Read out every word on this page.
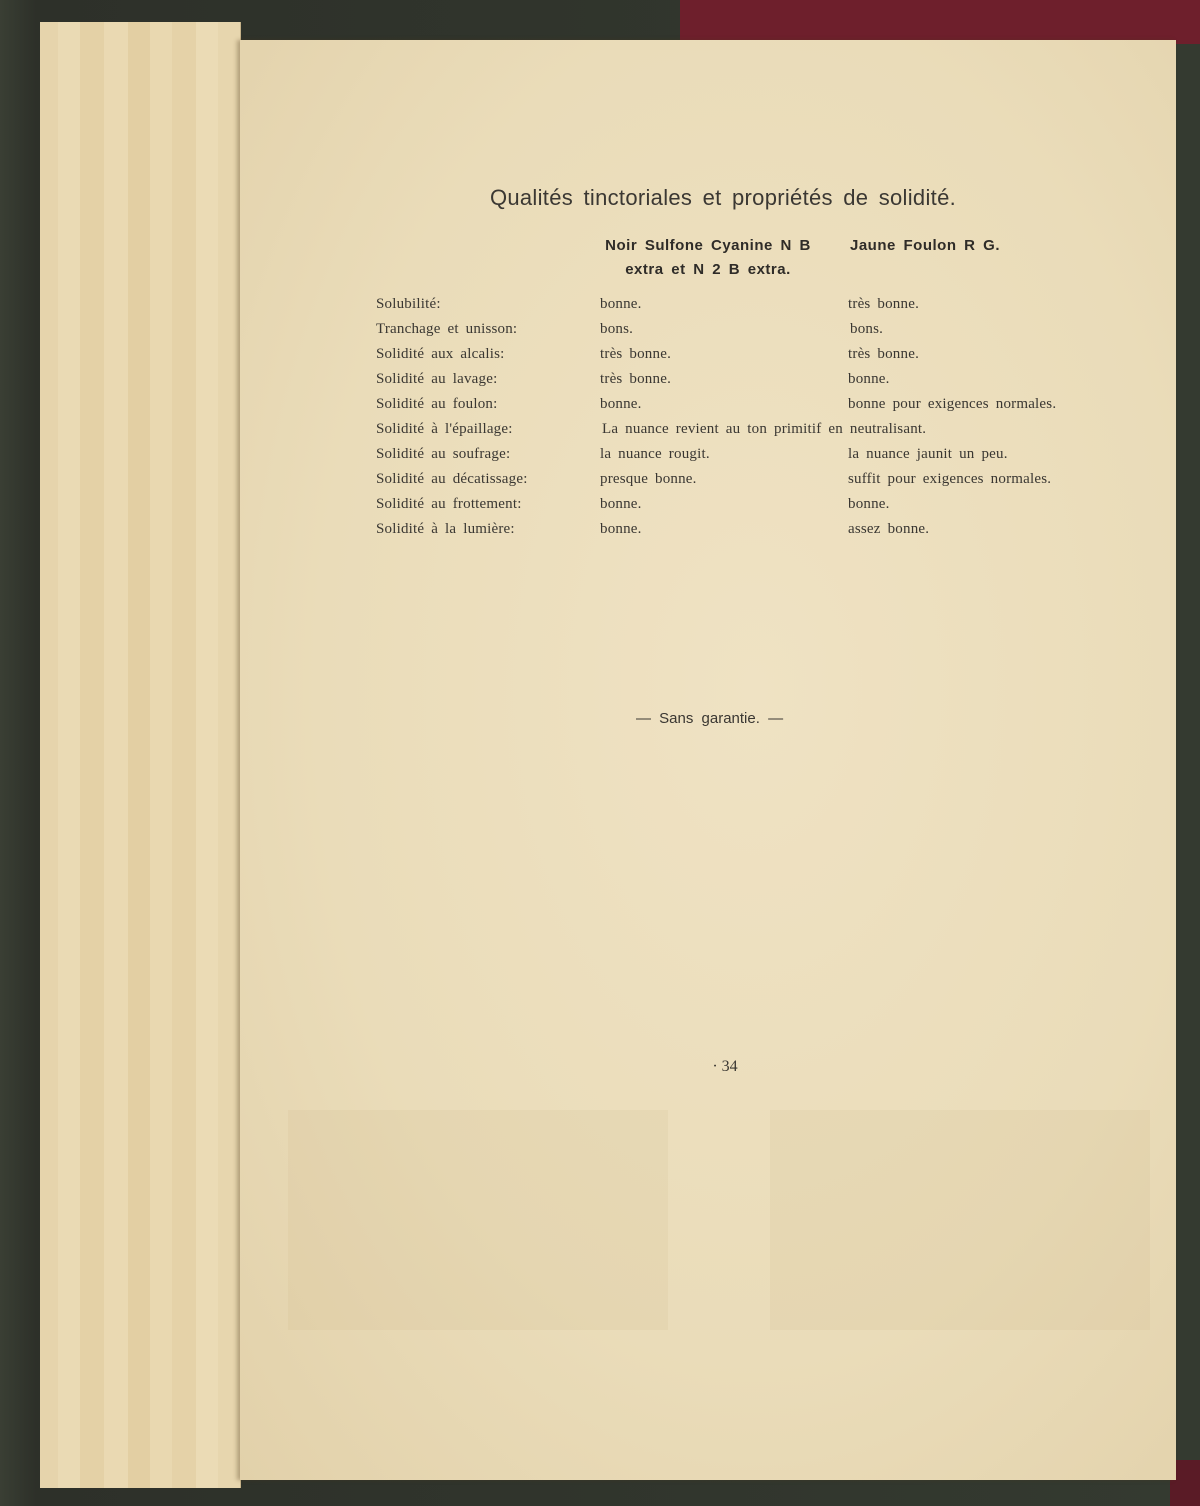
Qualités tinctoriales et propriétés de solidité.
Noir Sulfone Cyanine N B extra et N 2 B extra.
Jaune Foulon R G.
Solubilité:	bonne.	très bonne.
Tranchage et unisson:	bons.	bons.
Solidité aux alcalis:	très bonne.	très bonne.
Solidité au lavage:	très bonne.	bonne.
Solidité au foulon:	bonne.	bonne pour exigences normales.
Solidité à l'épaillage:	La nuance revient au ton primitif en neutralisant.
Solidité au soufrage:	la nuance rougit.	la nuance jaunit un peu.
Solidité au décatissage:	presque bonne.	suffit pour exigences normales.
Solidité au frottement:	bonne.	bonne.
Solidité à la lumière:	bonne.	assez bonne.
— Sans garantie. —
· 34
